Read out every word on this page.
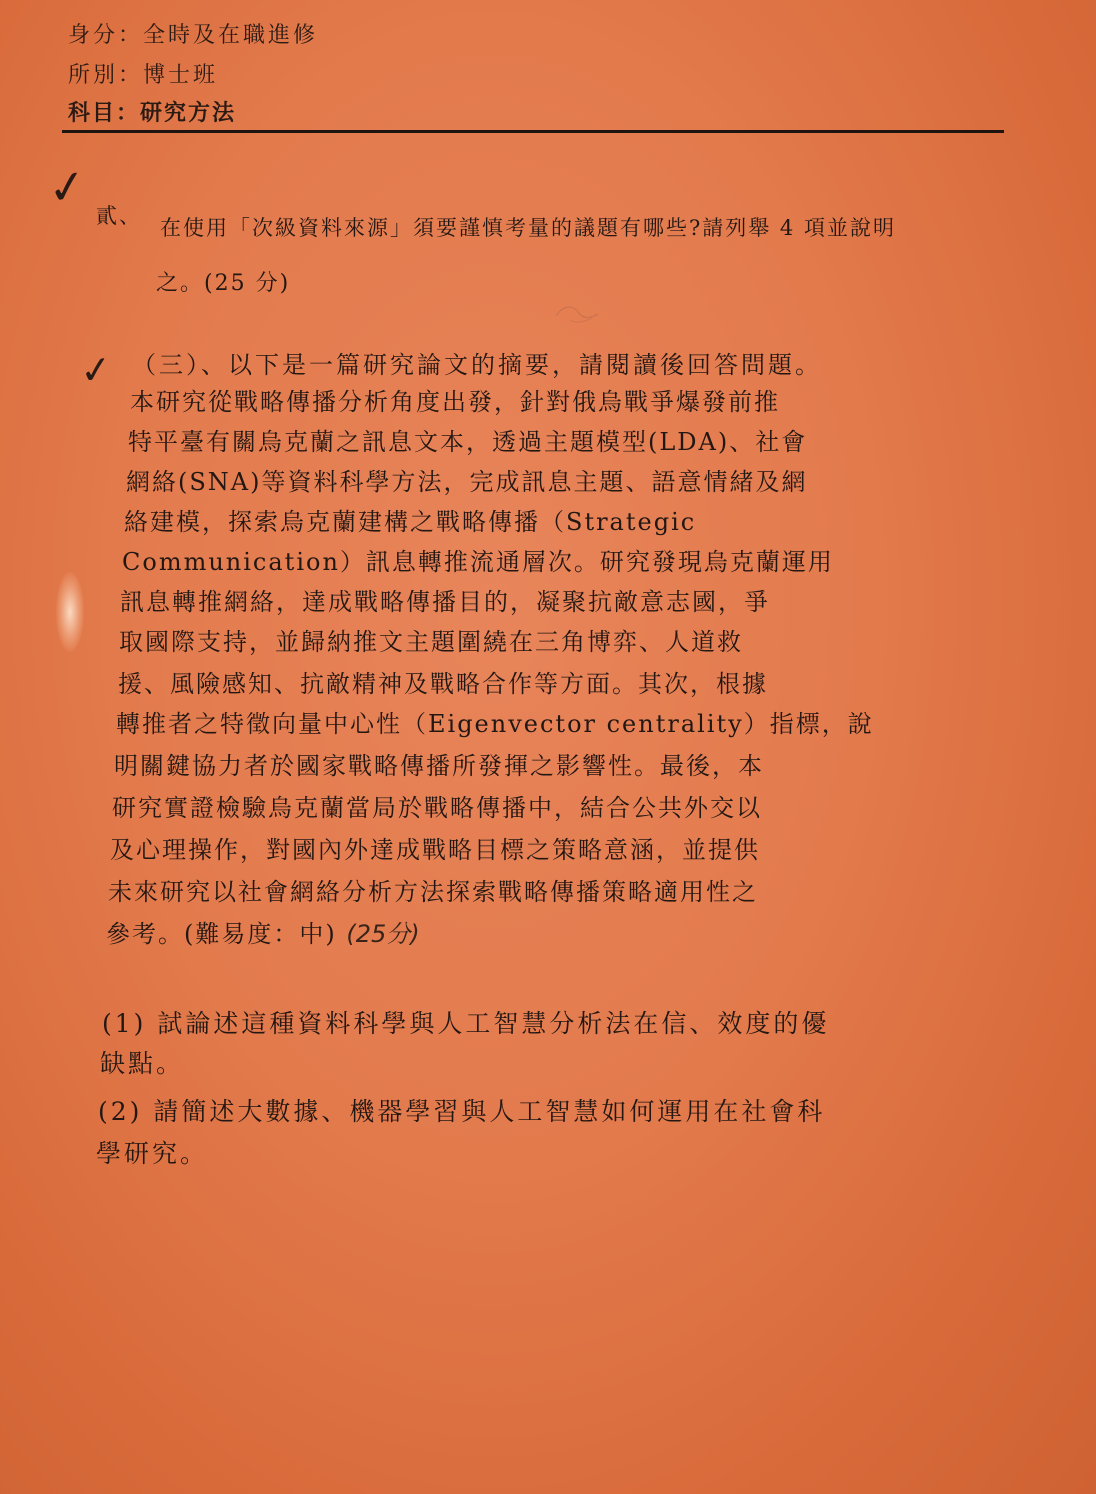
身分：全時及在職進修
所別：博士班
科目：研究方法
✓ 貳、 在使用「次級資料來源」須要謹慎考量的議題有哪些?請列舉 4 項並說明
之。(25 分)
✓ （三）、以下是一篇研究論文的摘要，請閱讀後回答問題。
本研究從戰略傳播分析角度出發，針對俄烏戰爭爆發前推
特平臺有關烏克蘭之訊息文本，透過主題模型(LDA)、社會
網絡(SNA)等資料科學方法，完成訊息主題、語意情緒及網
絡建模，探索烏克蘭建構之戰略傳播（Strategic
Communication）訊息轉推流通層次。研究發現烏克蘭運用
訊息轉推網絡，達成戰略傳播目的，凝聚抗敵意志國，爭
取國際支持，並歸納推文主題圍繞在三角博弈、人道救
援、風險感知、抗敵精神及戰略合作等方面。其次，根據
轉推者之特徵向量中心性（Eigenvector centrality）指標，說
明關鍵協力者於國家戰略傳播所發揮之影響性。最後，本
研究實證檢驗烏克蘭當局於戰略傳播中，結合公共外交以
及心理操作，對國內外達成戰略目標之策略意涵，並提供
未來研究以社會網絡分析方法探索戰略傳播策略適用性之
參考。(難易度：中) (25分)
(1) 試論述這種資料科學與人工智慧分析法在信、效度的優
缺點。
(2) 請簡述大數據、機器學習與人工智慧如何運用在社會科
學研究。
